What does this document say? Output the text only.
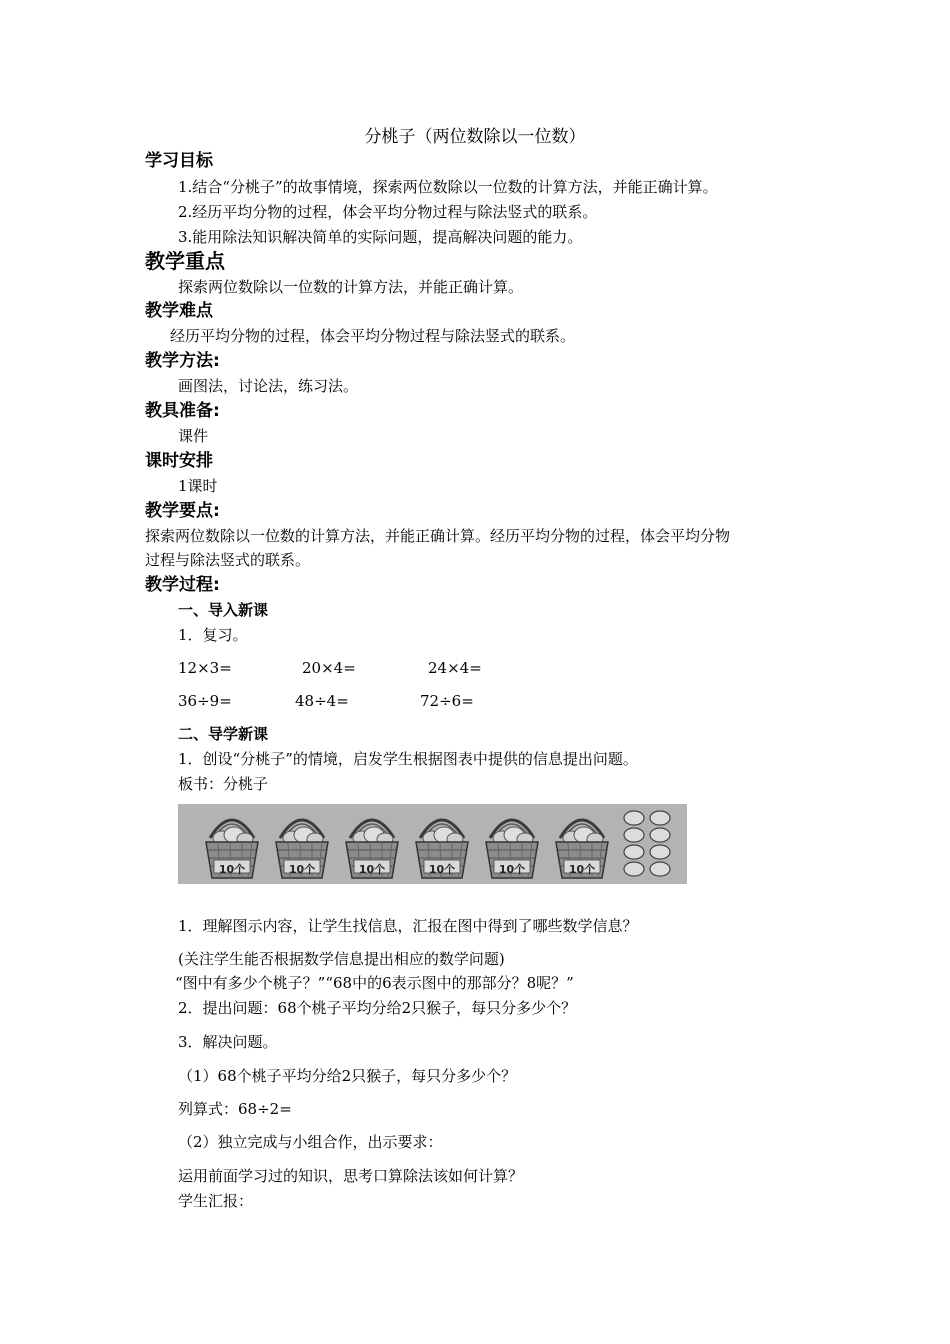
分桃子（两位数除以一位数）
学习目标
1.结合“分桃子”的故事情境，探索两位数除以一位数的计算方法，并能正确计算。
2.经历平均分物的过程，体会平均分物过程与除法竖式的联系。
3.能用除法知识解决简单的实际问题，提高解决问题的能力。
教学重点
探索两位数除以一位数的计算方法，并能正确计算。
教学难点
经历平均分物的过程，体会平均分物过程与除法竖式的联系。
教学方法:
画图法，讨论法，练习法。
教具准备:
课件
课时安排
1课时
教学要点:
探索两位数除以一位数的计算方法，并能正确计算。经历平均分物的过程，体会平均分物
过程与除法竖式的联系。
教学过程:
一、导入新课
1．复习。
12×3=	20×4=	24×4=
36÷9=	48÷4=	72÷6=
二、导学新课
1．创设“分桃子”的情境，启发学生根据图表中提供的信息提出问题。
板书：分桃子
10个
10个
10个
10个
10个
10个
1．理解图示内容，让学生找信息，汇报在图中得到了哪些数学信息？
(关注学生能否根据数学信息提出相应的数学问题)
“图中有多少个桃子？”“68中的6表示图中的那部分？8呢？”
2．提出问题：68个桃子平均分给2只猴子，每只分多少个？
3．解决问题。
（1）68个桃子平均分给2只猴子，每只分多少个？
列算式：68÷2=
（2）独立完成与小组合作，出示要求：
运用前面学习过的知识，思考口算除法该如何计算？
学生汇报：
